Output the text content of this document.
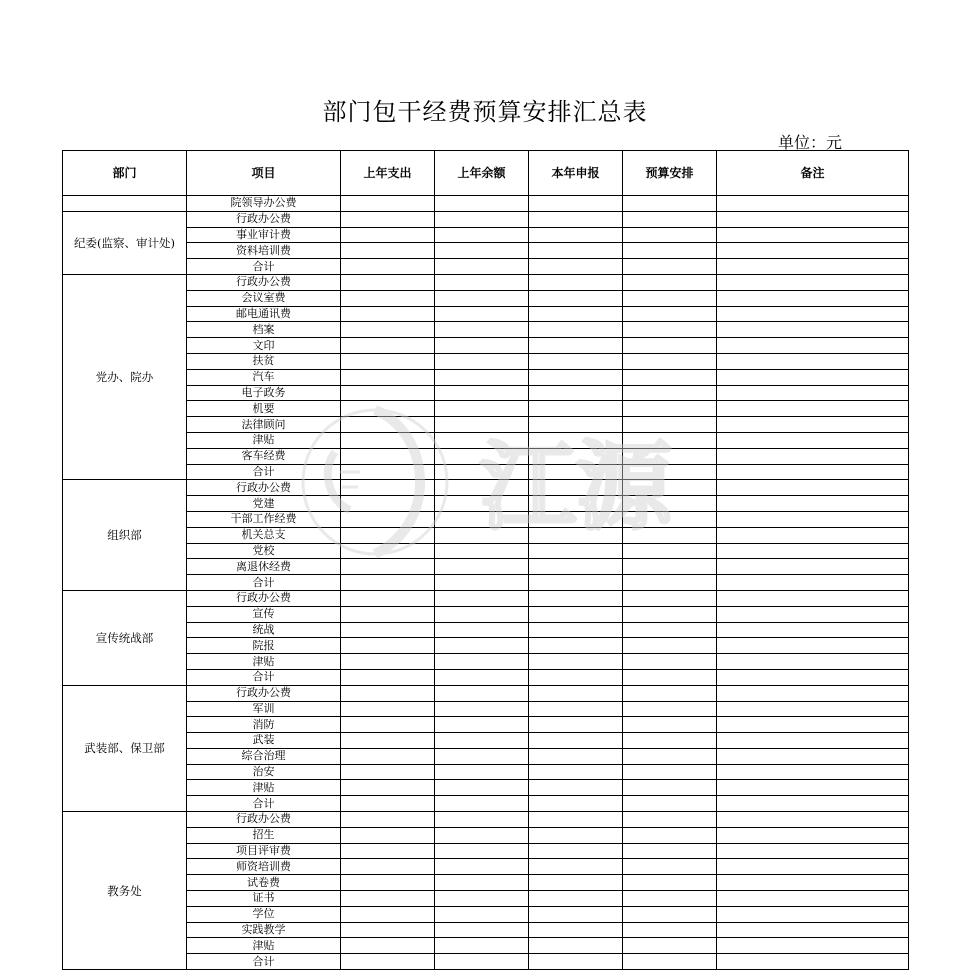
部门包干经费预算安排汇总表
单位：元
部门	项目	上年支出	上年余额	本年申报	预算安排	备注
	院领导办公费					
纪委(监察、审计处)	行政办公费					
	事业审计费					
	资料培训费					
	合计					
党办、院办	行政办公费					
	会议室费					
	邮电通讯费					
	档案					
	文印					
	扶贫					
	汽车					
	电子政务					
	机要					
	法律顾问					
	津贴					
	客车经费					
	合计					
组织部	行政办公费					
	党建					
	干部工作经费					
	机关总支					
	党校					
	离退休经费					
	合计					
宣传统战部	行政办公费					
	宣传					
	统战					
	院报					
	津贴					
	合计					
武装部、保卫部	行政办公费					
	军训					
	消防					
	武装					
	综合治理					
	治安					
	津贴					
	合计					
教务处	行政办公费					
	招生					
	项目评审费					
	师资培训费					
	试卷费					
	证书					
	学位					
	实践教学					
	津贴					
	合计					
江源
